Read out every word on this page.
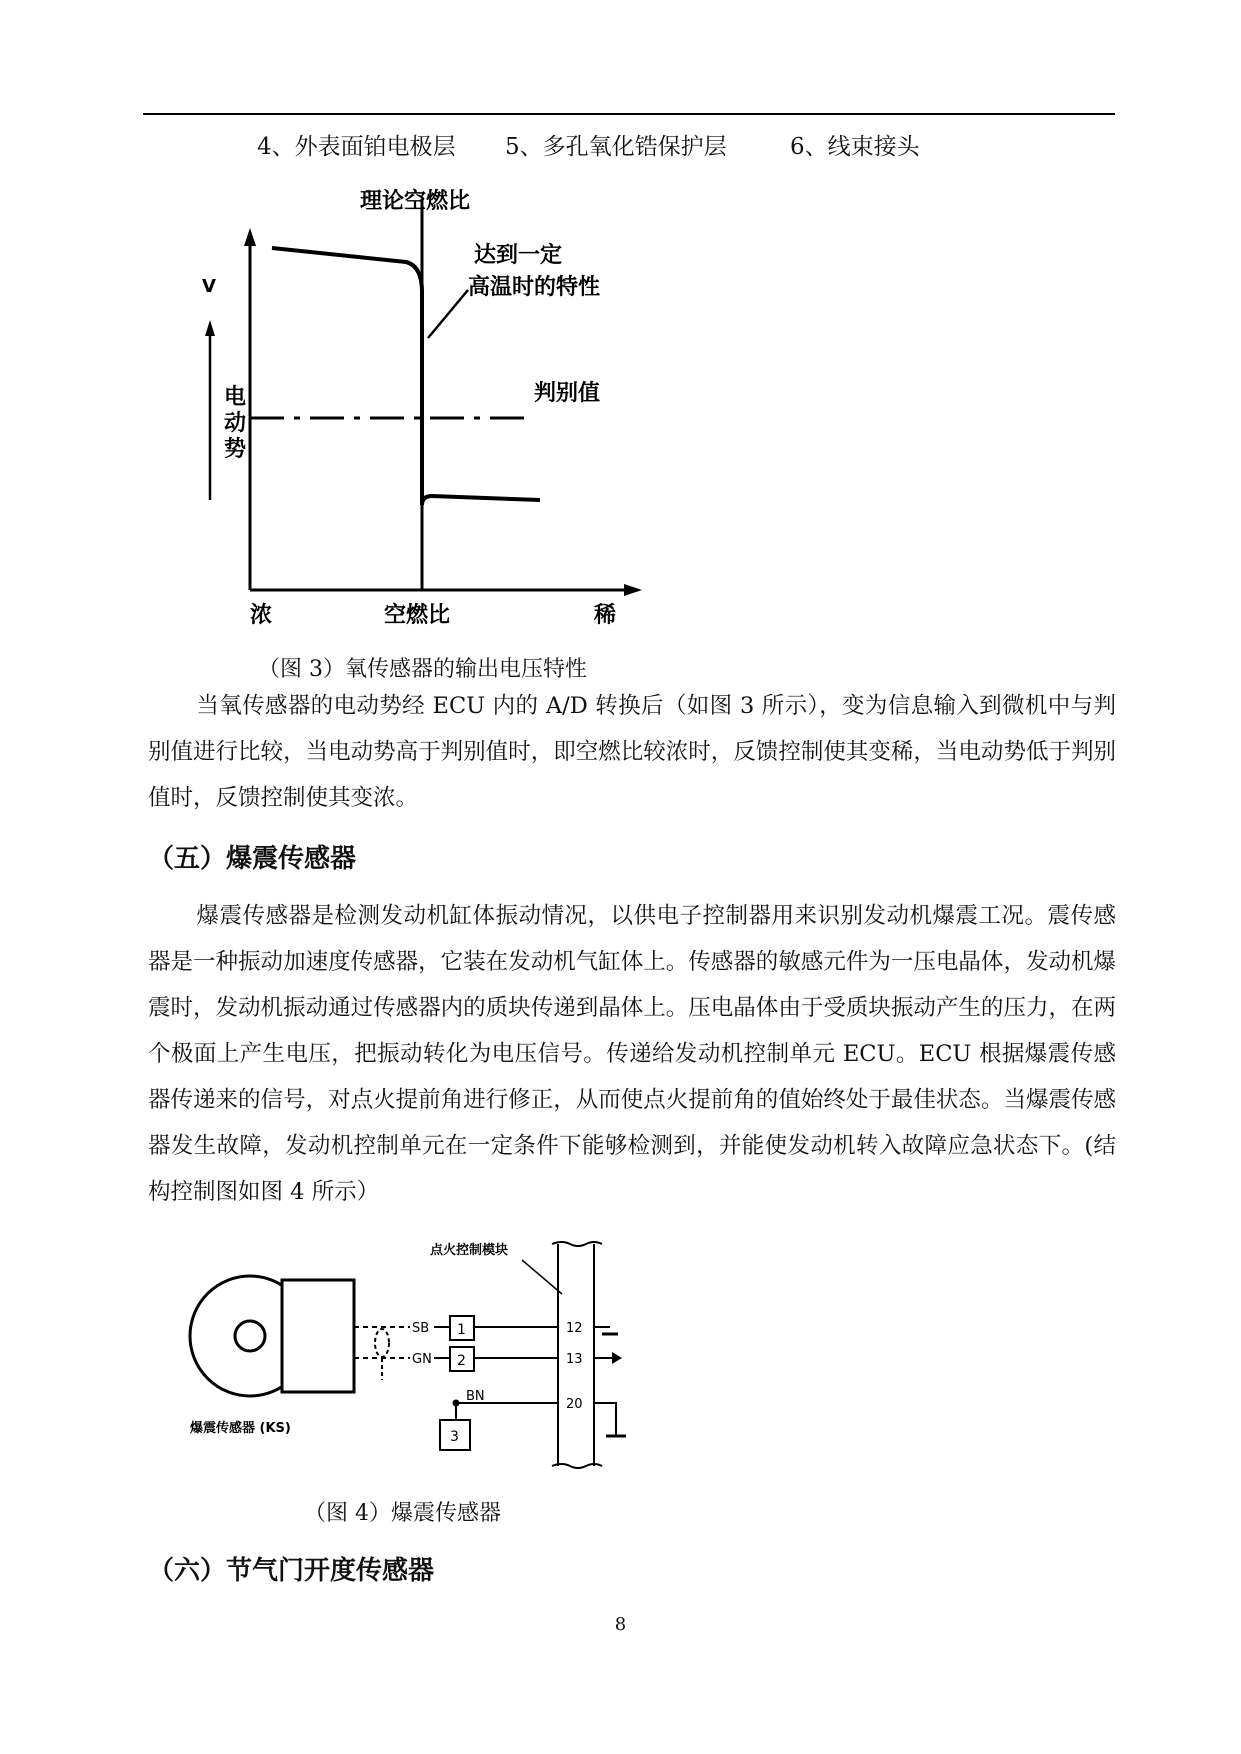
4、外表面铂电极层 5、多孔氧化锆保护层	6、线束接头
理论空燃比
达到一定
高温时的特性
判别值
V
电
动
势
浓	空燃比	稀
（图 3）氧传感器的输出电压特性

当氧传感器的电动势经 ECU 内的 A/D 转换后（如图 3 所示），变为信息输入到微机中与判别值进行比较，当电动势高于判别值时，即空燃比较浓时，反馈控制使其变稀，当电动势低于判别值时，反馈控制使其变浓。

（五）爆震传感器

爆震传感器是检测发动机缸体振动情况，以供电子控制器用来识别发动机爆震工况。震传感器是一种振动加速度传感器，它装在发动机气缸体上。传感器的敏感元件为一压电晶体，发动机爆震时，发动机振动通过传感器内的质块传递到晶体上。压电晶体由于受质块振动产生的压力，在两个极面上产生电压，把振动转化为电压信号。传递给发动机控制单元 ECU。ECU 根据爆震传感器传递来的信号，对点火提前角进行修正，从而使点火提前角的值始终处于最佳状态。当爆震传感器发生故障，发动机控制单元在一定条件下能够检测到，并能使发动机转入故障应急状态下。(结构控制图如图 4 所示）

SB
GN
1
2
点火控制模块
12
13
20
BN
3
爆震传感器 (KS)
（图 4）爆震传感器
（六）节气门开度传感器
8
